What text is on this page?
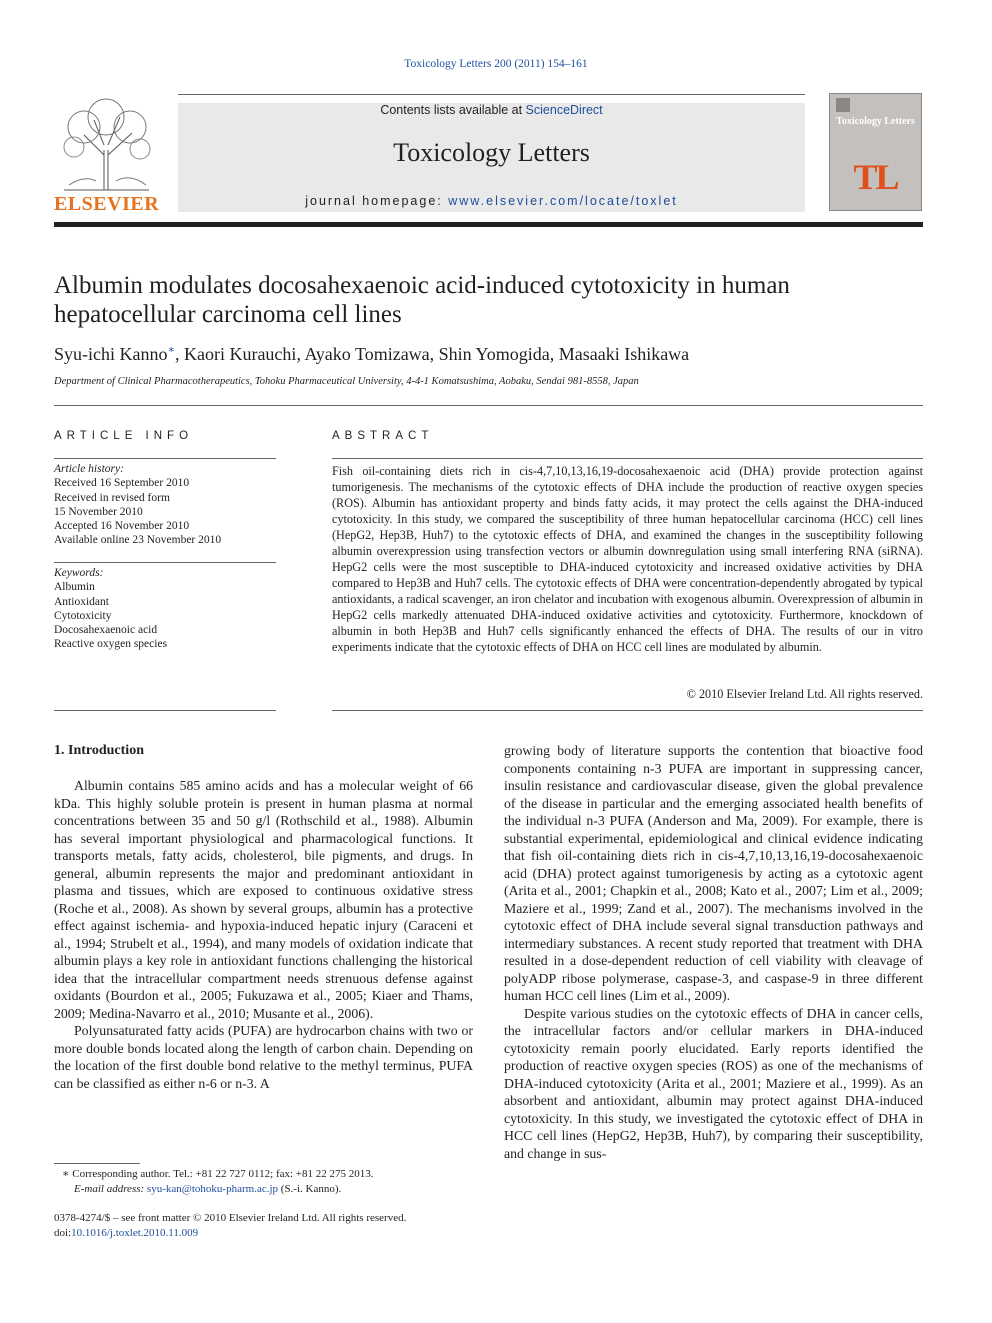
Toxicology Letters 200 (2011) 154–161
ELSEVIER
Contents lists available at ScienceDirect
Toxicology Letters
journal homepage: www.elsevier.com/locate/toxlet
Toxicology Letters
TL
Albumin modulates docosahexaenoic acid-induced cytotoxicity in human hepatocellular carcinoma cell lines
Syu-ichi Kanno∗, Kaori Kurauchi, Ayako Tomizawa, Shin Yomogida, Masaaki Ishikawa
Department of Clinical Pharmacotherapeutics, Tohoku Pharmaceutical University, 4-4-1 Komatsushima, Aobaku, Sendai 981-8558, Japan
ARTICLE INFO
Article history:
Received 16 September 2010
Received in revised form
15 November 2010
Accepted 16 November 2010
Available online 23 November 2010
Keywords:
Albumin
Antioxidant
Cytotoxicity
Docosahexaenoic acid
Reactive oxygen species
ABSTRACT
Fish oil-containing diets rich in cis-4,7,10,13,16,19-docosahexaenoic acid (DHA) provide protection against tumorigenesis. The mechanisms of the cytotoxic effects of DHA include the production of reactive oxygen species (ROS). Albumin has antioxidant property and binds fatty acids, it may protect the cells against the DHA-induced cytotoxicity. In this study, we compared the susceptibility of three human hepatocellular carcinoma (HCC) cell lines (HepG2, Hep3B, Huh7) to the cytotoxic effects of DHA, and examined the changes in the susceptibility following albumin overexpression using transfection vectors or albumin downregulation using small interfering RNA (siRNA). HepG2 cells were the most susceptible to DHA-induced cytotoxicity and increased oxidative activities by DHA compared to Hep3B and Huh7 cells. The cytotoxic effects of DHA were concentration-dependently abrogated by typical antioxidants, a radical scavenger, an iron chelator and incubation with exogenous albumin. Overexpression of albumin in HepG2 cells markedly attenuated DHA-induced oxidative activities and cytotoxicity. Furthermore, knockdown of albumin in both Hep3B and Huh7 cells significantly enhanced the effects of DHA. The results of our in vitro experiments indicate that the cytotoxic effects of DHA on HCC cell lines are modulated by albumin.
© 2010 Elsevier Ireland Ltd. All rights reserved.
1. Introduction

Albumin contains 585 amino acids and has a molecular weight of 66 kDa. This highly soluble protein is present in human plasma at normal concentrations between 35 and 50 g/l (Rothschild et al., 1988). Albumin has several important physiological and pharmacological functions. It transports metals, fatty acids, cholesterol, bile pigments, and drugs. In general, albumin represents the major and predominant antioxidant in plasma and tissues, which are exposed to continuous oxidative stress (Roche et al., 2008). As shown by several groups, albumin has a protective effect against ischemia- and hypoxia-induced hepatic injury (Caraceni et al., 1994; Strubelt et al., 1994), and many models of oxidation indicate that albumin plays a key role in antioxidant functions challenging the historical idea that the intracellular compartment needs strenuous defense against oxidants (Bourdon et al., 2005; Fukuzawa et al., 2005; Kiaer and Thams, 2009; Medina-Navarro et al., 2010; Musante et al., 2006).

Polyunsaturated fatty acids (PUFA) are hydrocarbon chains with two or more double bonds located along the length of carbon chain. Depending on the location of the first double bond relative to the methyl terminus, PUFA can be classified as either n-6 or n-3. A

growing body of literature supports the contention that bioactive food components containing n-3 PUFA are important in suppressing cancer, insulin resistance and cardiovascular disease, given the global prevalence of the disease in particular and the emerging associated health benefits of the individual n-3 PUFA (Anderson and Ma, 2009). For example, there is substantial experimental, epidemiological and clinical evidence indicating that fish oil-containing diets rich in cis-4,7,10,13,16,19-docosahexaenoic acid (DHA) protect against tumorigenesis by acting as a cytotoxic agent (Arita et al., 2001; Chapkin et al., 2008; Kato et al., 2007; Lim et al., 2009; Maziere et al., 1999; Zand et al., 2007). The mechanisms involved in the cytotoxic effect of DHA include several signal transduction pathways and intermediary substances. A recent study reported that treatment with DHA resulted in a dose-dependent reduction of cell viability with cleavage of polyADP ribose polymerase, caspase-3, and caspase-9 in three different human HCC cell lines (Lim et al., 2009).

Despite various studies on the cytotoxic effects of DHA in cancer cells, the intracellular factors and/or cellular markers in DHA-induced cytotoxicity remain poorly elucidated. Early reports identified the production of reactive oxygen species (ROS) as one of the mechanisms of DHA-induced cytotoxicity (Arita et al., 2001; Maziere et al., 1999). As an absorbent and antioxidant, albumin may protect against DHA-induced cytotoxicity. In this study, we investigated the cytotoxic effect of DHA in HCC cell lines (HepG2, Hep3B, Huh7), by comparing their susceptibility, and change in sus-

∗ Corresponding author. Tel.: +81 22 727 0112; fax: +81 22 275 2013.
E-mail address: syu-kan@tohoku-pharm.ac.jp (S.-i. Kanno).
0378-4274/$ – see front matter © 2010 Elsevier Ireland Ltd. All rights reserved.
doi:10.1016/j.toxlet.2010.11.009
